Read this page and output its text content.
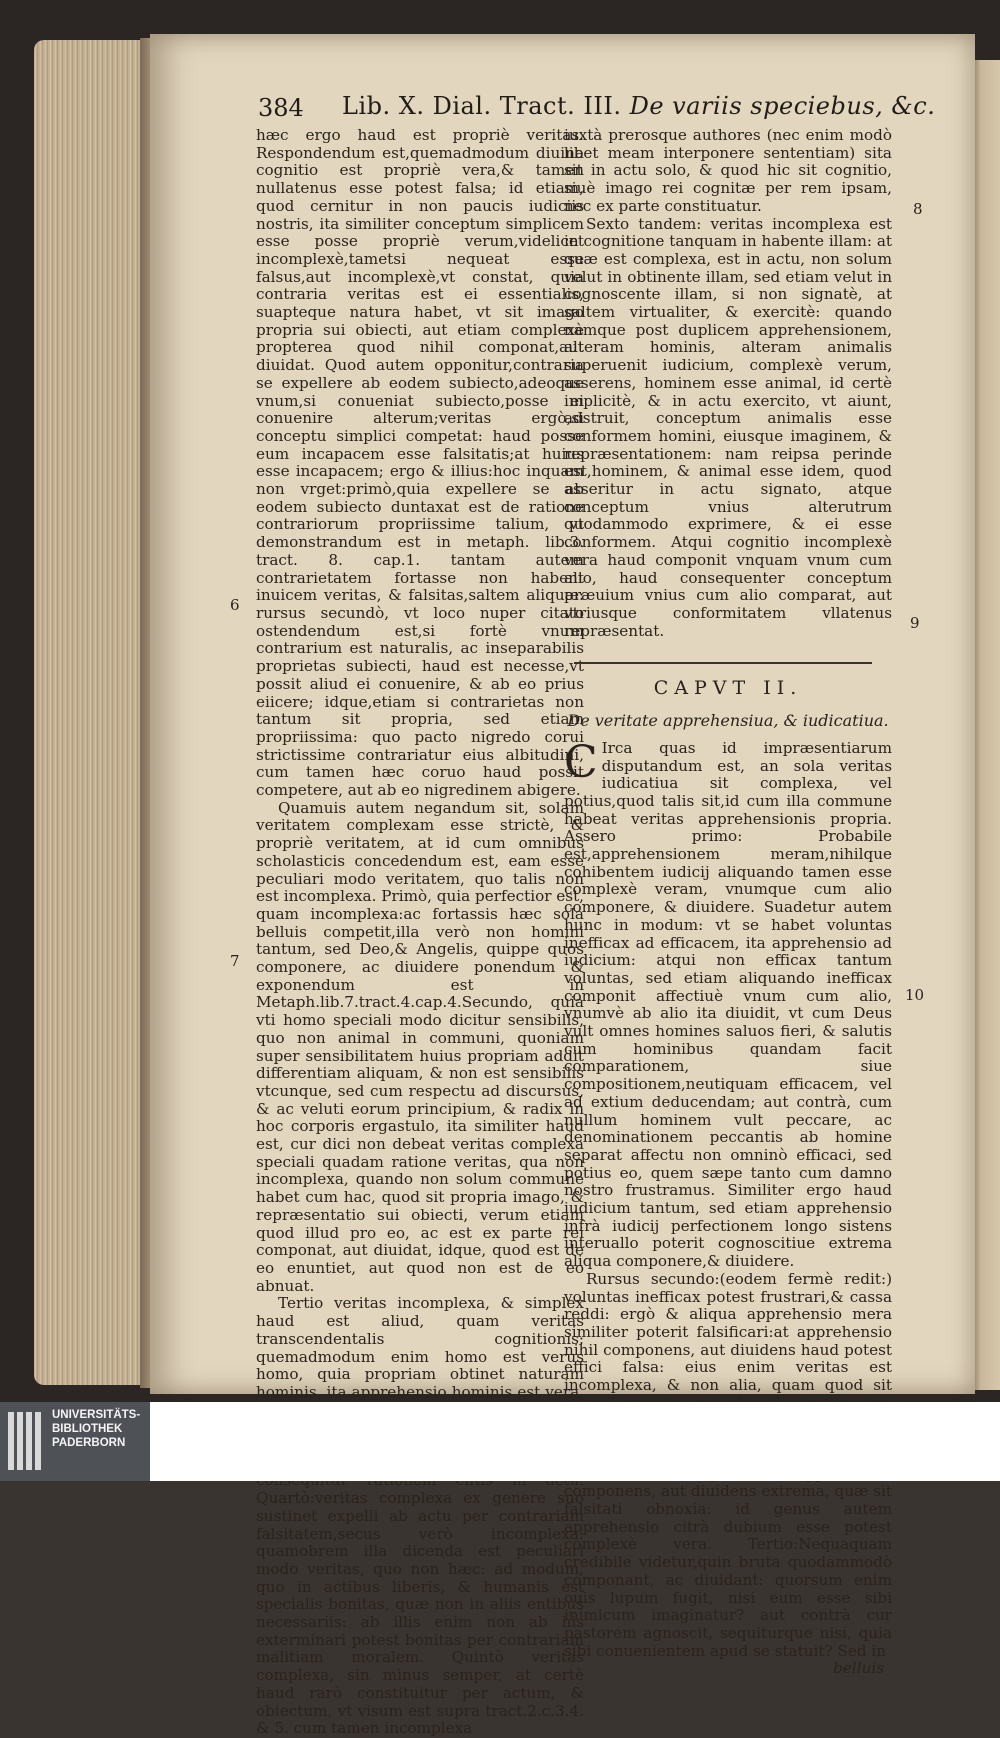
384 Lib. X. Dial. Tract. III. De variis speciebus, &c.

hæc ergo haud est propriè veritas. Respondendum est,quemadmodum diuina cognitio est propriè vera,& tamen nullatenus esse potest falsa; id etiam, quod cernitur in non paucis iudiciis nostris, ita similiter conceptum simplicem esse posse propriè verum,videlicet incomplexè,tametsi nequeat esse falsus,aut incomplexè,vt constat, quia contraria veritas est ei essentialis, suapteque natura habet, vt sit imago propria sui obiecti, aut etiam complexè propterea quod nihil componat,aut diuidat. Quod autem opponitur,contraria se expellere ab eodem subiecto,adeoque vnum,si conueniat subiecto,posse ei conuenire alterum;veritas ergò,si conceptu simplici competat: haud posse eum incapacem esse falsitatis;at huius esse incapacem; ergo & illius:hoc inquam non vrget:primò,quia expellere se ab eodem subiecto duntaxat est de ratione contrariorum propriissime talium, vt demonstrandum est in metaph. lib.3. tract. 8. cap.1. tantam autem contrarietatem fortasse non habent inuicem veritas, & falsitas,saltem aliquæ: rursus secundò, vt loco nuper citato ostendendum est,si fortè vnum contrarium est naturalis, ac inseparabilis proprietas subiecti, haud est necesse,vt possit aliud ei conuenire, & ab eo prius eiicere; idque,etiam si contrarietas non tantum sit propria, sed etiam propriissima: quo pacto nigredo corui strictissime contrariatur eius albitudini, cum tamen hæc coruo haud possit competere, aut ab eo nigredinem abigere.

Quamuis autem negandum sit, solam veritatem complexam esse strictè, & propriè veritatem, at id cum omnibus scholasticis concedendum est, eam esse peculiari modo veritatem, quo talis non est incomplexa. Primò, quia perfectior est, quam incomplexa:ac fortassis hæc sola belluis competit,illa verò non homini tantum, sed Deo,& Angelis, quippe quos componere, ac diuidere ponendum & exponendum est in Metaph.lib.7.tract.4.cap.4.Secundo, quia vti homo speciali modo dicitur sensibilis, quo non animal in communi, quoniam super sensibilitatem huius propriam addit differentiam aliquam, & non est sensibilis vtcunque, sed cum respectu ad discursus, & ac veluti eorum principium, & radix in hoc corporis ergastulo, ita similiter haud est, cur dici non debeat veritas complexa speciali quadam ratione veritas, qua non incomplexa, quando non solum commune habet cum hac, quod sit propria imago, & repræsentatio sui obiecti, verum etiam quod illud pro eo, ac est ex parte rei componat, aut diuidat, idque, quod est de eo enuntiet, aut quod non est de eo abnuat.

Tertio veritas incomplexa, & simplex haud est aliud, quam veritas transcendentalis cognitionis: quemadmodum enim homo est verus homo, quia propriam obtinet naturam hominis, ita apprehensio hominis est vera, Quartò:veritas complexa ex genere suo sustinet expelli ab actu per contrariam falsitatem,secus verò incomplexa: quamobrem illa dicenda est peculiari modo veritas, quo non hæc: ad modum, quo in actibus liberis, & humanis est specialis bonitas, quæ non in aliis entibus necessariis: ab illis enim non ab his exterminari potest bonitas per contrariam malitiam moralem. Quintò veritas complexa, sin minus semper, at certè haud rarò constituitur per actum, & obiectum, vt visum est supra tract.2.c.3.4. & 5. cum tamen incomplexa

iuxtà prerosque authores (nec enim modò libet meam interponere sententiam) sita sit in actu solo, & quod hic sit cognitio, siuè imago rei cognitæ per rem ipsam, nec ex parte constituatur.

Sexto tandem: veritas incomplexa est in cognitione tanquam in habente illam: at quæ est complexa, est in actu, non solum velut in obtinente illam, sed etiam velut in cognoscente illam, si non signatè, at saltem virtualiter, & exercitè: quando namque post duplicem apprehensionem, alteram hominis, alteram animalis superuenit iudicium, complexè verum, asserens, hominem esse animal, id certè implicitè, & in actu exercito, vt aiunt, adstruit, conceptum animalis esse conformem homini, eiusque imaginem, & repræsentationem: nam reipsa perinde est,hominem, & animal esse idem, quod asseritur in actu signato, atque conceptum vnius alterutrum quodammodo exprimere, & ei esse conformem. Atqui cognitio incomplexè vera haud componit vnquam vnum cum alio, haud consequenter conceptum præuium vnius cum alio comparat, aut vtriusque conformitatem vllatenus repræsentat.

CAPVT II.
De veritate apprehensiua, & iudicatiua.

C Irca quas id impræsentiarum disputandum est, an sola veritas iudicatiua sit complexa, vel potius,quod talis sit,id cum illa commune habeat veritas apprehensionis propria. Assero primo: Probabile est,apprehensionem meram,nihilque cohibentem iudicij aliquando tamen esse complexè veram, vnumque cum alio componere, & diuidere. Suadetur autem hunc in modum: vt se habet voluntas inefficax ad efficacem, ita apprehensio ad iudicium: atqui non efficax tantum voluntas, sed etiam aliquando inefficax componit affectiuè vnum cum alio, vnumvè ab alio ita diuidit, vt cum Deus vult omnes homines saluos fieri, & salutis cum hominibus quandam facit comparationem, siue compositionem,neutiquam efficacem, vel ad extium deducendam; aut contrà, cum nullum hominem vult peccare, ac denominationem peccantis ab homine separat affectu non omninò efficaci, sed potius eo, quem sæpe tanto cum damno nostro frustramus. Similiter ergo haud iudicium tantum, sed etiam apprehensio infrà iudicij perfectionem longo sistens interuallo poterit cognoscitiue extrema aliqua componere,& diuidere.

Rursus secundo:(eodem fermè redit:) voluntas inefficax potest frustrari,& cassa reddi: ergò & aliqua apprehensio mera similiter poterit falsificari:at apprehensio nihil componens, aut diuidens haud potest effici falsa: eius enim veritas est incomplexa, & non alia, quam quod sit componens, aut diuidens extrema, quæ sit falsitati obnoxia: id genus autem apprehensio citrà dubium esse potest complexè vera. Tertio:Nequaquam credibile videtur,quin bruta quodammodò componant, ac diuidant: quorsum enim ouis lupum fugit, nisi eum esse sibi inimicum imaginatur? aut contrà cur pastorem agnoscit, sequiturque nisi, quia sibi conuenientem apud se statuit? Sed in

belluis
6
7
8
9
10
UNIVERSITÄTS-
BIBLIOTHEK
PADERBORN
